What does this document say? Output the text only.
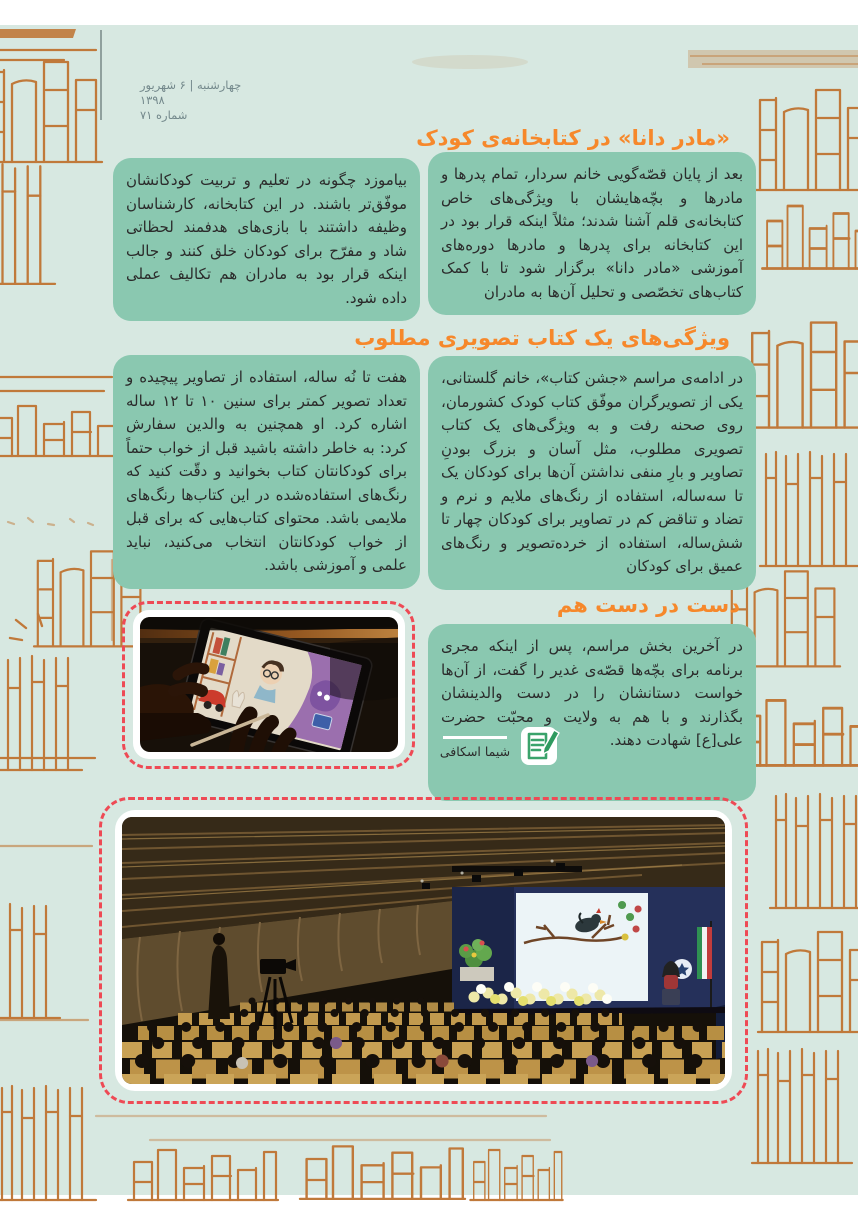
چهارشنبه | ۶ شهریور ۱۳۹۸
شماره ۷۱
«مادر دانا» در کتابخانه‌ی کودک
بعد از پایان قصّه‌گویی خانم سردار، تمام پدرها و مادرها و بچّه‌هایشان با ویژگی‌های خاص کتابخانه‌ی قلم آشنا شدند؛ مثلاً اینکه قرار بود در این کتابخانه برای پدرها و مادرها دوره‌های آموزشی «مادر دانا» برگزار شود تا با کمک کتاب‌های تخصّصی و تحلیل آن‌ها به مادران
بیاموزد چگونه در تعلیم و تربیت کودکانشان موفّق‌تر باشند. در این کتابخانه، کارشناسان وظیفه داشتند با بازی‌های هدفمند لحظاتی شاد و مفرّح برای کودکان خلق کنند و جالب اینکه قرار بود به مادران هم تکالیف عملی داده شود.
ویژگی‌های یک کتاب تصویری مطلوب
در ادامه‌ی مراسم «جشن کتاب»، خانم گلستانی، یکی از تصویرگران موفّق کتاب کودک کشورمان، روی صحنه رفت و به ویژگی‌های یک کتاب تصویری مطلوب، مثل آسان و بزرگ بودنِ تصاویر و بارِ منفی نداشتن آن‌ها برای کودکان یک تا سه‌ساله، استفاده از رنگ‌های ملایم و نرم و تضاد و تناقض کم در تصاویر برای کودکان چهار تا شش‌ساله، استفاده از خرده‌تصویر و رنگ‌های عمیق برای کودکان
هفت تا نُه ساله، استفاده از تصاویر پیچیده و تعداد تصویر کمتر برای سنین ۱۰ تا ۱۲ ساله اشاره کرد. او همچنین به والدین سفارش کرد: به خاطر داشته باشید قبل از خواب حتماً برای کودکانتان کتاب بخوانید و دقّت کنید که رنگ‌های استفاده‌شده در این کتاب‌ها رنگ‌های ملایمی باشد. محتوای کتاب‌هایی که برای قبل از خواب کودکانتان انتخاب می‌کنید، نباید علمی و آموزشی باشد.
دست در دست هم
در آخرین بخش مراسم، پس از اینکه مجری برنامه برای بچّه‌ها قصّه‌ی غدیر را گفت، از آن‌ها خواست دستانشان را در دست والدینشان بگذارند و با هم به ولایت و محبّت حضرت علی[ع] شهادت دهند.
شیما اسکافی
